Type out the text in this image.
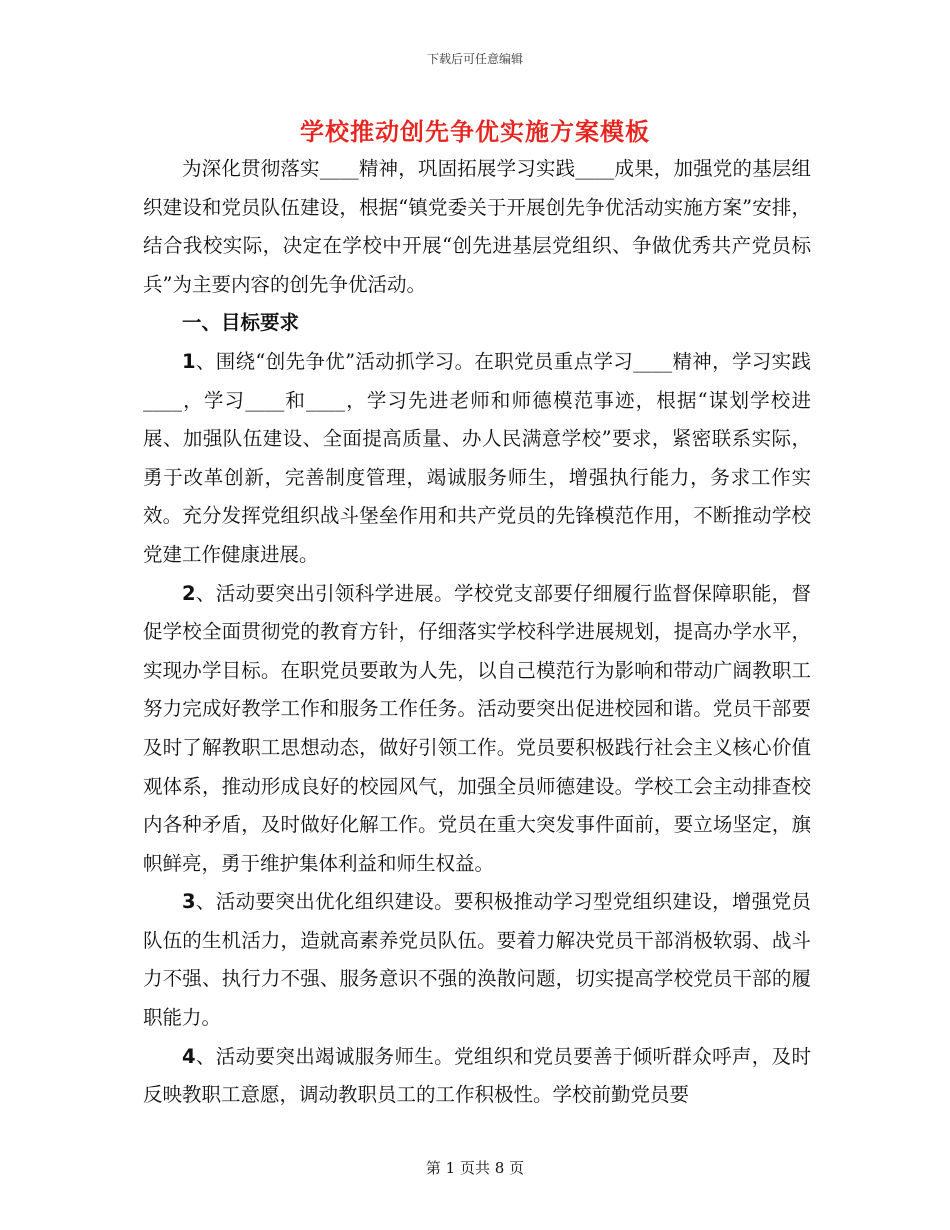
下载后可任意编辑
学校推动创先争优实施方案模板

为深化贯彻落实____精神，巩固拓展学习实践____成果，加强党的基层组织建设和党员队伍建设，根据“镇党委关于开展创先争优活动实施方案”安排，结合我校实际，决定在学校中开展“创先进基层党组织、争做优秀共产党员标兵”为主要内容的创先争优活动。

一、目标要求

1、围绕“创先争优”活动抓学习。在职党员重点学习____精神，学习实践____，学习____和____，学习先进老师和师德模范事迹，根据“谋划学校进展、加强队伍建设、全面提高质量、办人民满意学校”要求，紧密联系实际，勇于改革创新，完善制度管理，竭诚服务师生，增强执行能力，务求工作实效。充分发挥党组织战斗堡垒作用和共产党员的先锋模范作用，不断推动学校党建工作健康进展。

2、活动要突出引领科学进展。学校党支部要仔细履行监督保障职能，督促学校全面贯彻党的教育方针，仔细落实学校科学进展规划，提高办学水平，实现办学目标。在职党员要敢为人先，以自己模范行为影响和带动广阔教职工努力完成好教学工作和服务工作任务。活动要突出促进校园和谐。党员干部要及时了解教职工思想动态，做好引领工作。党员要积极践行社会主义核心价值观体系，推动形成良好的校园风气，加强全员师德建设。学校工会主动排查校内各种矛盾，及时做好化解工作。党员在重大突发事件面前，要立场坚定，旗帜鲜亮，勇于维护集体利益和师生权益。

3、活动要突出优化组织建设。要积极推动学习型党组织建设，增强党员队伍的生机活力，造就高素养党员队伍。要着力解决党员干部消极软弱、战斗力不强、执行力不强、服务意识不强的涣散问题，切实提高学校党员干部的履职能力。

4、活动要突出竭诚服务师生。党组织和党员要善于倾听群众呼声，及时反映教职工意愿，调动教职员工的工作积极性。学校前勤党员要

第 1 页共 8 页
